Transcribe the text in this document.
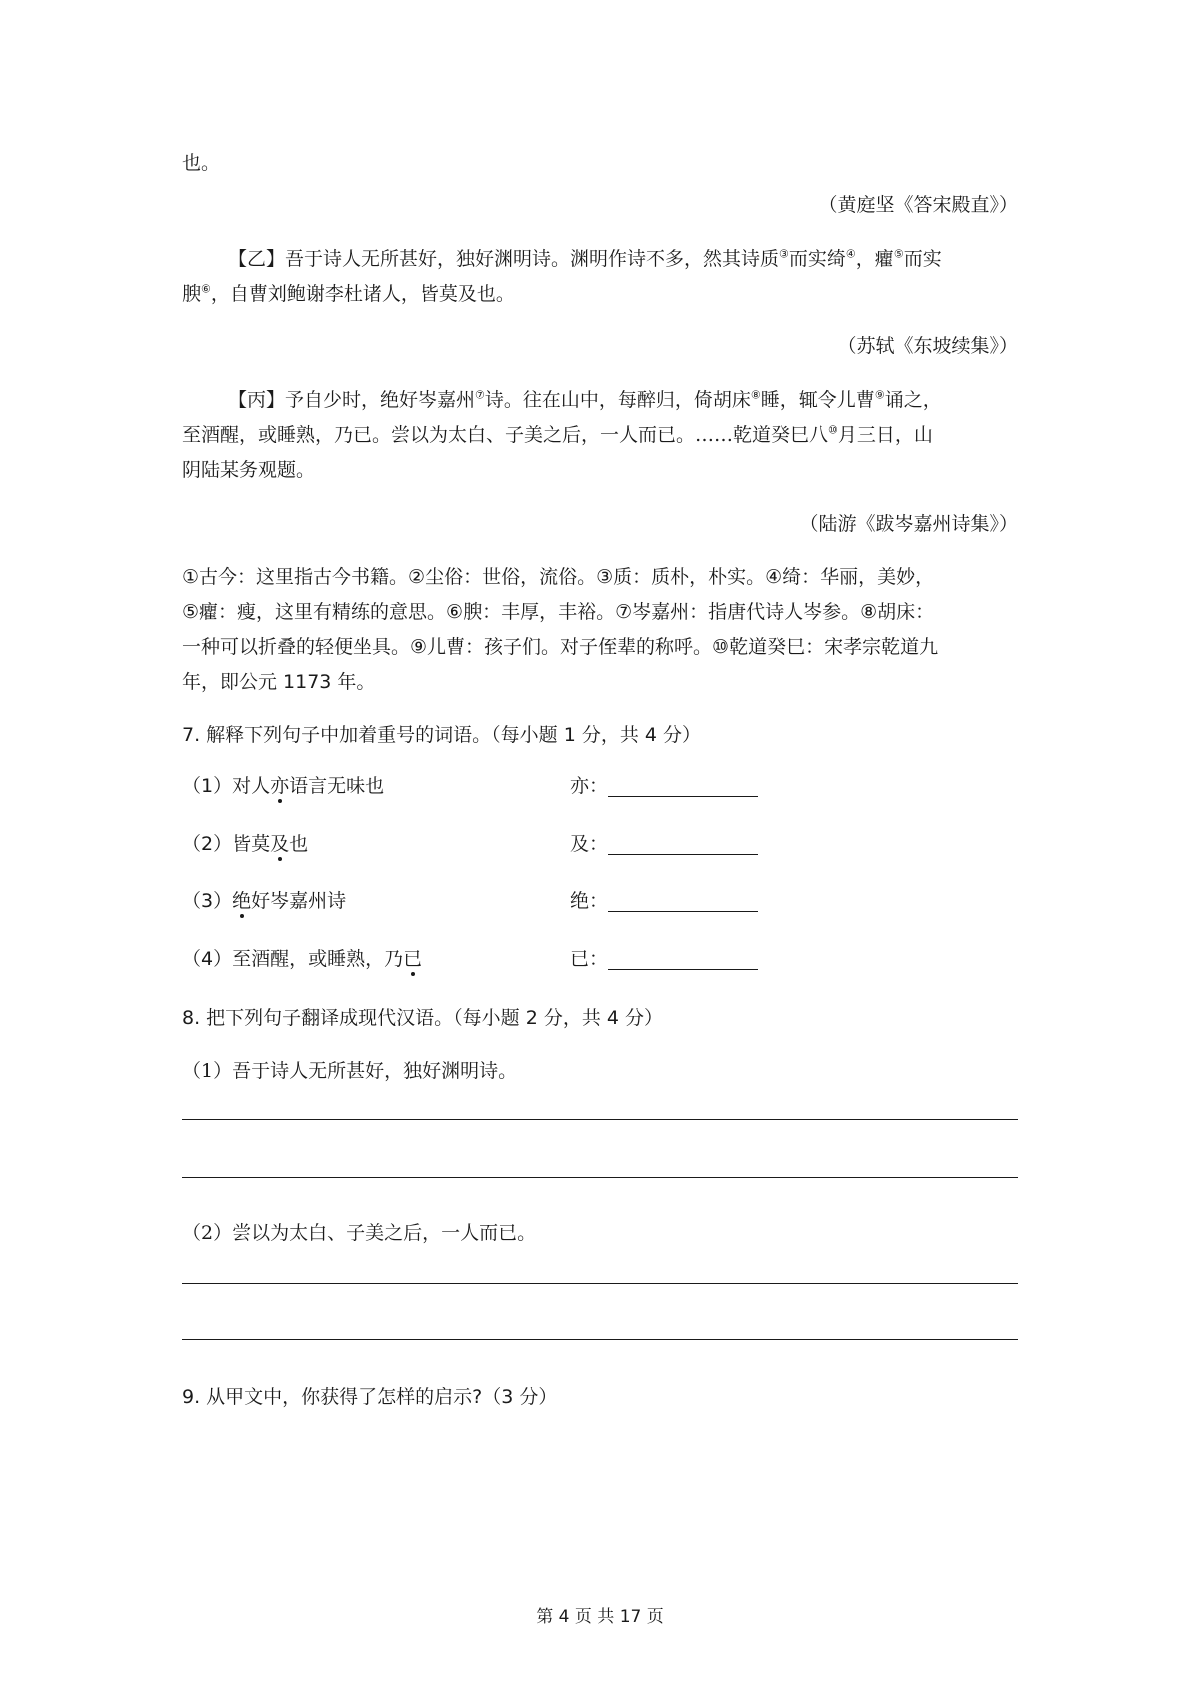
也。
（黄庭坚《答宋殿直》）
【乙】吾于诗人无所甚好，独好渊明诗。渊明作诗不多，然其诗质③而实绮④，癯⑤而实
腴⑥，自曹刘鲍谢李杜诸人，皆莫及也。
（苏轼《东坡续集》）
【丙】予自少时，绝好岑嘉州⑦诗。往在山中，每醉归，倚胡床⑧睡，辄令儿曹⑨诵之，
至酒醒，或睡熟，乃已。尝以为太白、子美之后，一人而已。……乾道癸巳八⑩月三日，山
阴陆某务观题。
（陆游《跋岑嘉州诗集》）
①古今：这里指古今书籍。②尘俗：世俗，流俗。③质：质朴，朴实。④绮：华丽，美妙，
⑤癯：瘦，这里有精练的意思。⑥腴：丰厚，丰裕。⑦岑嘉州：指唐代诗人岑参。⑧胡床：
一种可以折叠的轻便坐具。⑨儿曹：孩子们。对子侄辈的称呼。⑩乾道癸巳：宋孝宗乾道九
年，即公元 1173 年。
7. 解释下列句子中加着重号的词语。（每小题 1 分，共 4 分）
（1）对人亦语言无味也	亦：
（2）皆莫及也	及：
（3）绝好岑嘉州诗	绝：
（4）至酒醒，或睡熟，乃已	已：
8. 把下列句子翻译成现代汉语。（每小题 2 分，共 4 分）
（1）吾于诗人无所甚好，独好渊明诗。
（2）尝以为太白、子美之后，一人而已。
9. 从甲文中，你获得了怎样的启示?（3 分）
第 4 页 共 17 页
